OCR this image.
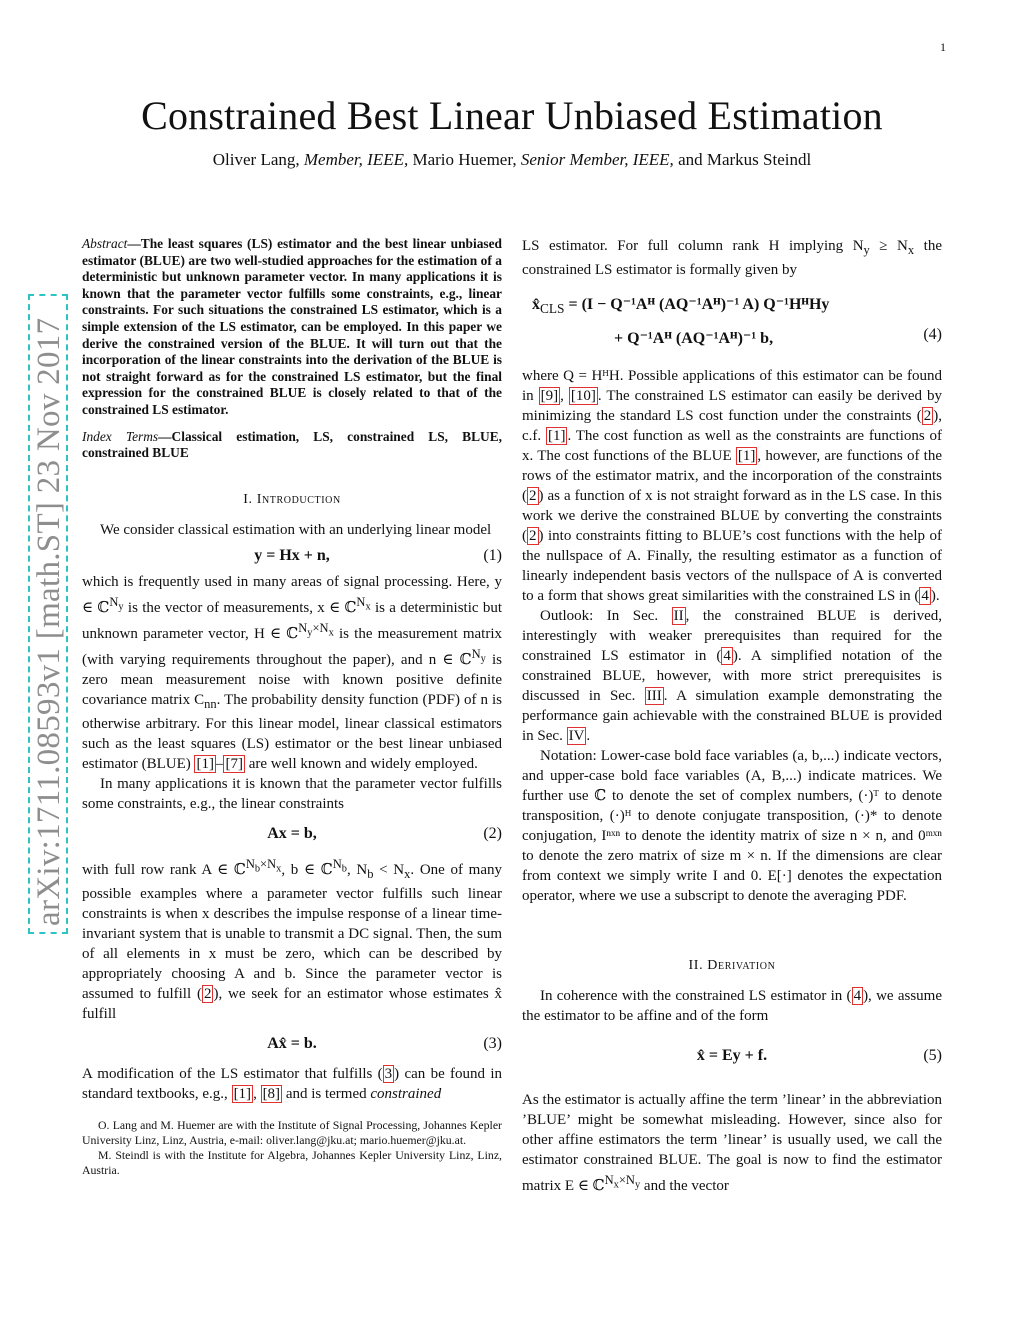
1
Constrained Best Linear Unbiased Estimation
Oliver Lang, Member, IEEE, Mario Huemer, Senior Member, IEEE, and Markus Steindl
arXiv:1711.08593v1 [math.ST] 23 Nov 2017
Abstract—The least squares (LS) estimator and the best linear unbiased estimator (BLUE) are two well-studied approaches for the estimation of a deterministic but unknown parameter vector. In many applications it is known that the parameter vector fulfills some constraints, e.g., linear constraints. For such situations the constrained LS estimator, which is a simple extension of the LS estimator, can be employed. In this paper we derive the constrained version of the BLUE. It will turn out that the incorporation of the linear constraints into the derivation of the BLUE is not straight forward as for the constrained LS estimator, but the final expression for the constrained BLUE is closely related to that of the constrained LS estimator.
Index Terms—Classical estimation, LS, constrained LS, BLUE, constrained BLUE
I. Introduction

We consider classical estimation with an underlying linear model

y = Hx + n,	(1)

which is frequently used in many areas of signal processing. Here, y ∈ ℂ$^{N_y}$ is the vector of measurements, x ∈ ℂ$^{N_x}$ is a deterministic but unknown parameter vector, H ∈ ℂ$^{N_y\times N_x}$ is the measurement matrix (with varying requirements throughout the paper), and n ∈ ℂ$^{N_y}$ is zero mean measurement noise with known positive definite covariance matrix $C_{nn}$. The probability density function (PDF) of n is otherwise arbitrary. For this linear model, linear classical estimators such as the least squares (LS) estimator or the best linear unbiased estimator (BLUE) [1] – [7] are well known and widely employed.

In many applications it is known that the parameter vector fulfills some constraints, e.g., the linear constraints

Ax = b,	(2)

with full row rank A ∈ ℂ$^{N_b\times N_x}$, b ∈ ℂ$^{N_b}$, $N_b < N_x$. One of many possible examples where a parameter vector fulfills such linear constraints is when x describes the impulse response of a linear time-invariant system that is unable to transmit a DC signal. Then, the sum of all elements in x must be zero, which can be described by appropriately choosing A and b. Since the parameter vector is assumed to fulfill ( 2 ), we seek for an estimator whose estimates x̂ fulfill

Ax̂ = b.	(3)

A modification of the LS estimator that fulfills ( 3 ) can be found in standard textbooks, e.g., [1] , [8] and is termed constrained

O. Lang and M. Huemer are with the Institute of Signal Processing, Johannes Kepler University Linz, Linz, Austria, e-mail: oliver.lang@jku.at; mario.huemer@jku.at.

M. Steindl is with the Institute for Algebra, Johannes Kepler University Linz, Linz, Austria.

LS estimator. For full column rank H implying $N_y \ge N_x$ the constrained LS estimator is formally given by

$x̂_{CLS} = (I$ − Q⁻¹Aᴴ (AQ⁻¹Aᴴ)⁻¹ A) Q⁻¹HᴴHy
+ Q⁻¹Aᴴ (AQ⁻¹Aᴴ)⁻¹ b,	(4)

where Q = HᴴH. Possible applications of this estimator can be found in [9] , [10] . The constrained LS estimator can easily be derived by minimizing the standard LS cost function under the constraints ( 2 ), c.f. [1] . The cost function as well as the constraints are functions of x. The cost functions of the BLUE [1] , however, are functions of the rows of the estimator matrix, and the incorporation of the constraints ( 2 ) as a function of x is not straight forward as in the LS case. In this work we derive the constrained BLUE by converting the constraints ( 2 ) into constraints fitting to BLUE’s cost functions with the help of the nullspace of A. Finally, the resulting estimator as a function of linearly independent basis vectors of the nullspace of A is converted to a form that shows great similarities with the constrained LS in ( 4 ).

Outlook: In Sec. II , the constrained BLUE is derived, interestingly with weaker prerequisites than required for the constrained LS estimator in ( 4 ). A simplified notation of the constrained BLUE, however, with more strict prerequisites is discussed in Sec. III . A simulation example demonstrating the performance gain achievable with the constrained BLUE is provided in Sec. IV .

Notation: Lower-case bold face variables (a, b,...) indicate vectors, and upper-case bold face variables (A, B,...) indicate matrices. We further use ℂ to denote the set of complex numbers, (·)ᵀ to denote transposition, (·)ᴴ to denote conjugate transposition, (·)* to denote conjugation, Iⁿˣⁿ to denote the identity matrix of size n × n, and 0ᵐˣⁿ to denote the zero matrix of size m × n. If the dimensions are clear from context we simply write I and 0. E[·] denotes the expectation operator, where we use a subscript to denote the averaging PDF.

II. Derivation

In coherence with the constrained LS estimator in ( 4 ), we assume the estimator to be affine and of the form

x̂ = Ey + f.	(5)

As the estimator is actually affine the term ’linear’ in the abbreviation ’BLUE’ might be somewhat misleading. However, since also for other affine estimators the term ’linear’ is usually used, we call the estimator constrained BLUE. The goal is now to find the estimator matrix E ∈ ℂ$^{N_x\times N_y}$ and the vector
